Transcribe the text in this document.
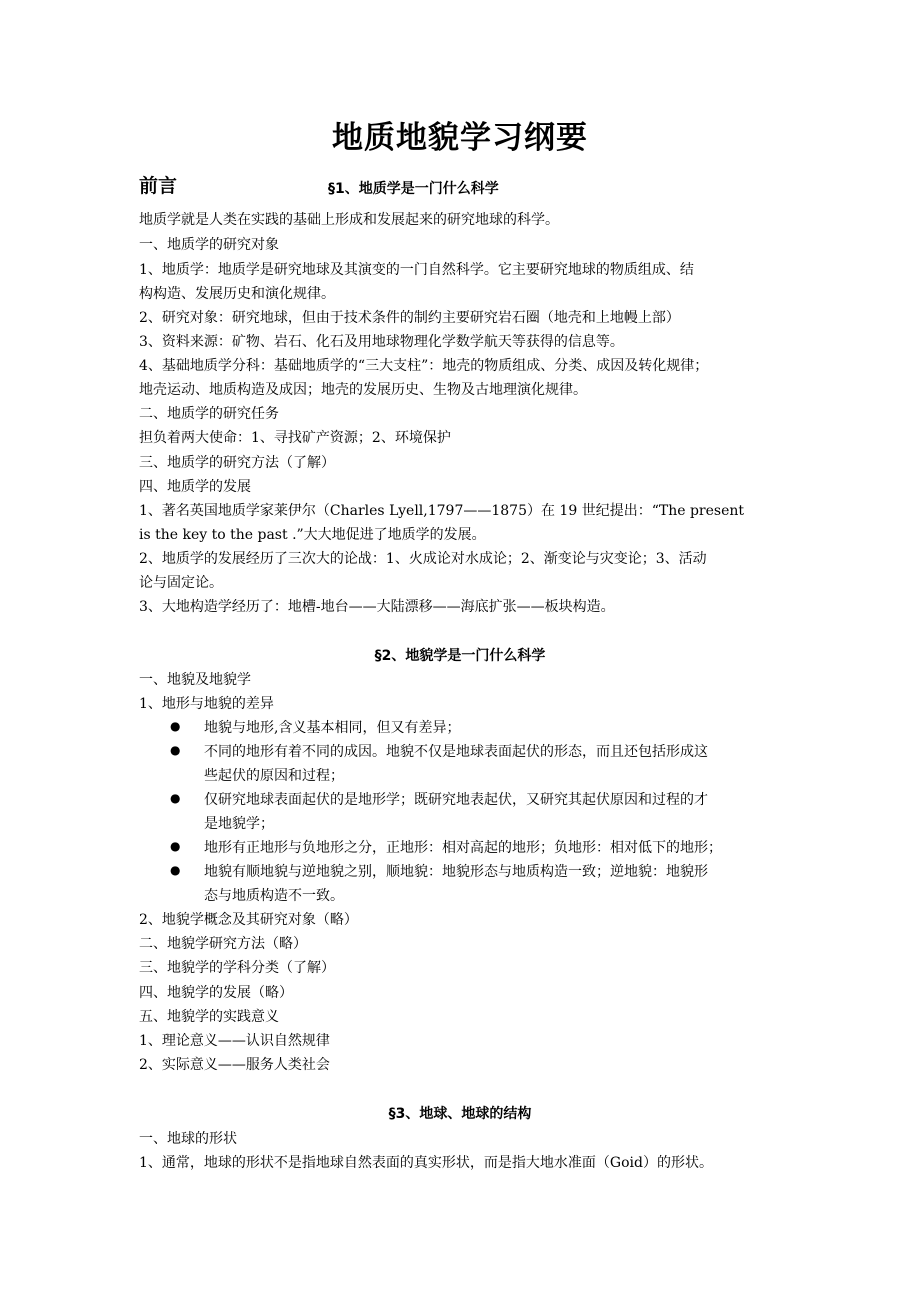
地质地貌学习纲要
前言	§1、地质学是一门什么科学
地质学就是人类在实践的基础上形成和发展起来的研究地球的科学。
一、地质学的研究对象
1、地质学：地质学是研究地球及其演变的一门自然科学。它主要研究地球的物质组成、结
构构造、发展历史和演化规律。
2、研究对象：研究地球，但由于技术条件的制约主要研究岩石圈（地壳和上地幔上部）
3、资料来源：矿物、岩石、化石及用地球物理化学数学航天等获得的信息等。
4、基础地质学分科：基础地质学的“三大支柱”：地壳的物质组成、分类、成因及转化规律；
地壳运动、地质构造及成因；地壳的发展历史、生物及古地理演化规律。
二、地质学的研究任务
担负着两大使命：1、寻找矿产资源；2、环境保护
三、地质学的研究方法（了解）
四、地质学的发展
1、著名英国地质学家莱伊尔（Charles Lyell,1797——1875）在 19 世纪提出：“The present
is the key to the past .”大大地促进了地质学的发展。
2、地质学的发展经历了三次大的论战：1、火成论对水成论；2、渐变论与灾变论；3、活动
论与固定论。
3、大地构造学经历了：地槽-地台——大陆漂移——海底扩张——板块构造。
§2、地貌学是一门什么科学
一、地貌及地貌学
1、地形与地貌的差异
● 地貌与地形,含义基本相同，但又有差异；
● 不同的地形有着不同的成因。地貌不仅是地球表面起伏的形态，而且还包括形成这
些起伏的原因和过程；
● 仅研究地球表面起伏的是地形学；既研究地表起伏，又研究其起伏原因和过程的才
是地貌学；
● 地形有正地形与负地形之分，正地形：相对高起的地形；负地形：相对低下的地形；
● 地貌有顺地貌与逆地貌之别，顺地貌：地貌形态与地质构造一致；逆地貌：地貌形
态与地质构造不一致。
2、地貌学概念及其研究对象（略）
二、地貌学研究方法（略）
三、地貌学的学科分类（了解）
四、地貌学的发展（略）
五、地貌学的实践意义
1、理论意义——认识自然规律
2、实际意义——服务人类社会
§3、地球、地球的结构
一、地球的形状
1、通常，地球的形状不是指地球自然表面的真实形状，而是指大地水准面（Goid）的形状。
